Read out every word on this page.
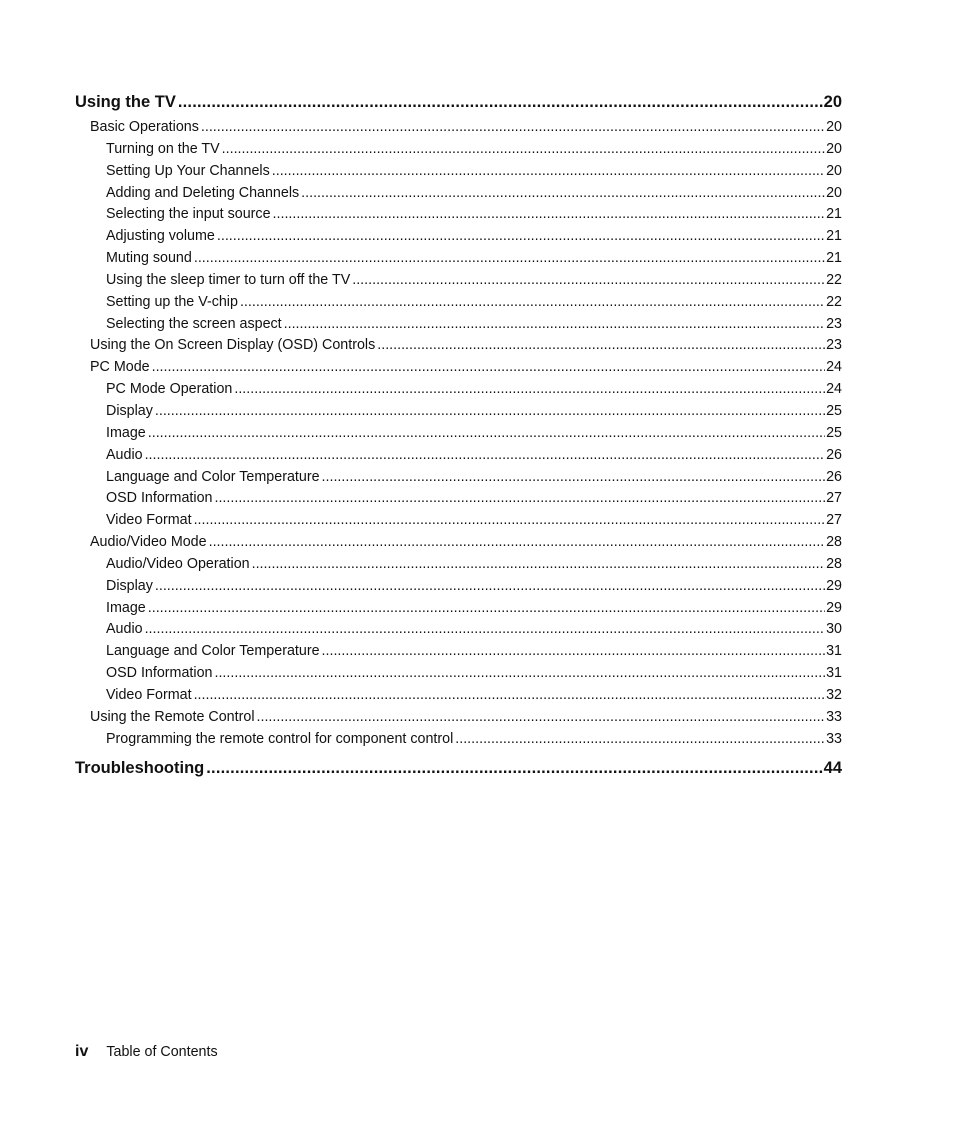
Using the TV .....	20
Basic Operations .....	20
Turning on the TV .....	20
Setting Up Your Channels .....	20
Adding and Deleting Channels .....	20
Selecting the input source .....	21
Adjusting volume .....	21
Muting sound .....	21
Using the sleep timer to turn off the TV .....	22
Setting up the V-chip .....	22
Selecting the screen aspect .....	23
Using the On Screen Display (OSD) Controls .....	23
PC Mode .....	24
PC Mode Operation .....	24
Display .....	25
Image .....	25
Audio .....	26
Language and Color Temperature .....	26
OSD Information .....	27
Video Format .....	27
Audio/Video Mode .....	28
Audio/Video Operation .....	28
Display .....	29
Image .....	29
Audio .....	30
Language and Color Temperature .....	31
OSD Information .....	31
Video Format .....	32
Using the Remote Control .....	33
Programming the remote control for component control .....	33
Troubleshooting .....	44
iv Table of Contents
